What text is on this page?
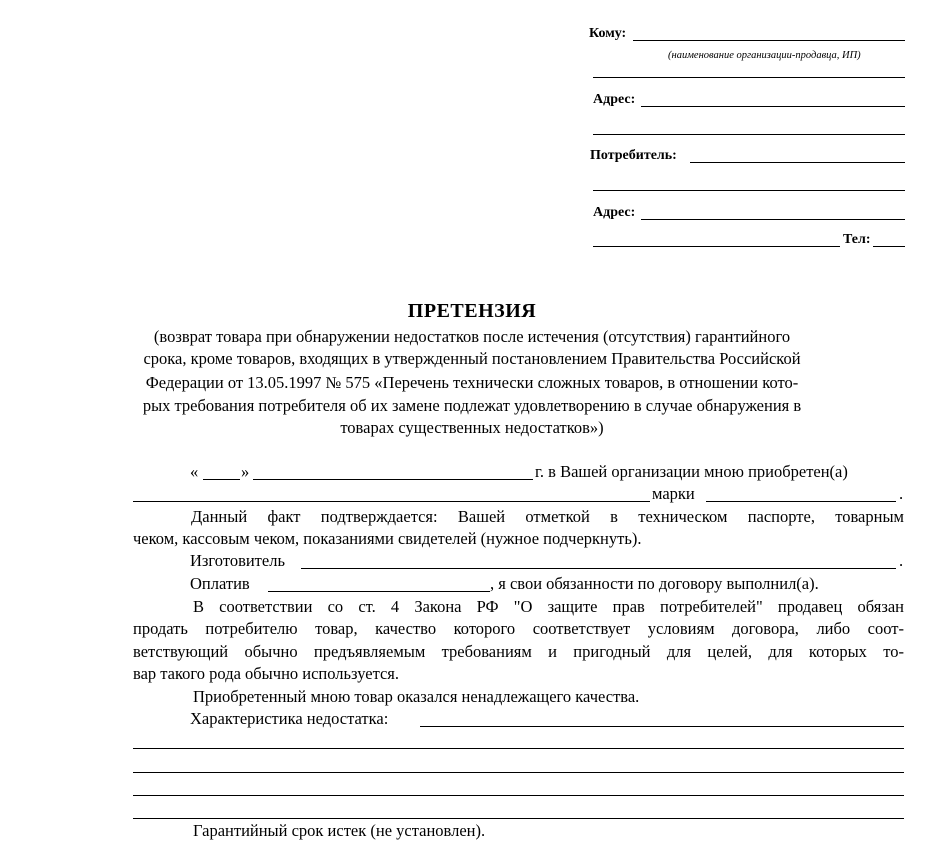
Кому:
(наименование организации-продавца, ИП)
Адрес:
Потребитель:
Адрес:
Тел:
ПРЕТЕНЗИЯ
(возврат товара при обнаружении недостатков после истечения (отсутствия) гарантийного
срока, кроме товаров, входящих в утвержденный постановлением Правительства Российской
Федерации от 13.05.1997 № 575 «Перечень технически сложных товаров, в отношении кото-
рых требования потребителя об их замене подлежат удовлетворению в случае обнаружения в
товарах существенных недостатков»)
«	»	г. в Вашей организации мною приобретен(а)
марки	.
Данный факт подтверждается: Вашей отметкой в техническом паспорте, товарным
чеком, кассовым чеком, показаниями свидетелей (нужное подчеркнуть).
Изготовитель	.
Оплатив	, я свои обязанности по договору выполнил(а).
В соответствии со ст. 4 Закона РФ "О защите прав потребителей" продавец обязан
продать потребителю товар, качество которого соответствует условиям договора, либо соот-
ветствующий обычно предъявляемым требованиям и пригодный для целей, для которых то-
вар такого рода обычно используется.
Приобретенный мною товар оказался ненадлежащего качества.
Характеристика недостатка:
Гарантийный срок истек (не установлен).
